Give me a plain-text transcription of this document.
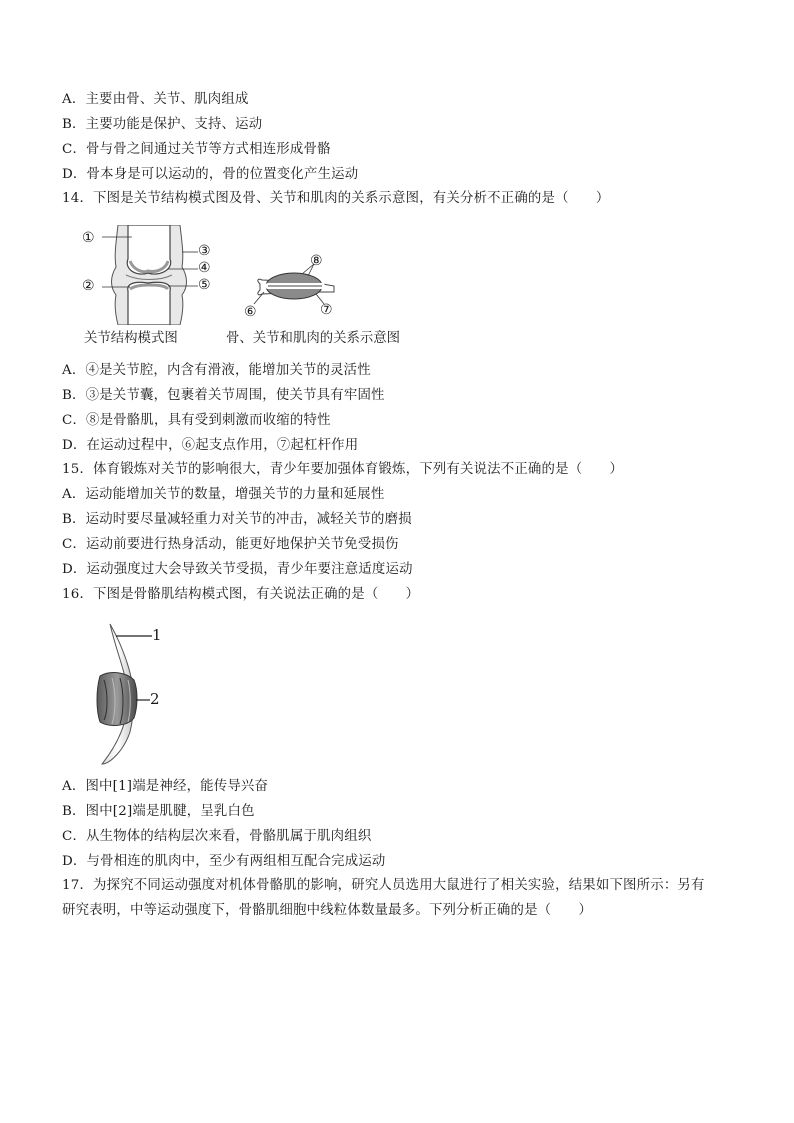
A．主要由骨、关节、肌肉组成
B．主要功能是保护、支持、运动
C．骨与骨之间通过关节等方式相连形成骨骼
D．骨本身是可以运动的，骨的位置变化产生运动
14．下图是关节结构模式图及骨、关节和肌肉的关系示意图，有关分析不正确的是（　　）
①
②
③
④
⑤
关节结构模式图
⑧
⑥	⑦
骨、关节和肌肉的关系示意图
A．④是关节腔，内含有滑液，能增加关节的灵活性
B．③是关节囊，包裹着关节周围，使关节具有牢固性
C．⑧是骨骼肌，具有受到刺激而收缩的特性
D．在运动过程中，⑥起支点作用，⑦起杠杆作用
15．体育锻炼对关节的影响很大，青少年要加强体育锻炼，下列有关说法不正确的是（　　）
A．运动能增加关节的数量，增强关节的力量和延展性
B．运动时要尽量减轻重力对关节的冲击，减轻关节的磨损
C．运动前要进行热身活动，能更好地保护关节免受损伤
D．运动强度过大会导致关节受损，青少年要注意适度运动
16．下图是骨骼肌结构模式图，有关说法正确的是（　　）
1
2
A．图中[1]端是神经，能传导兴奋
B．图中[2]端是肌腱，呈乳白色
C．从生物体的结构层次来看，骨骼肌属于肌肉组织
D．与骨相连的肌肉中，至少有两组相互配合完成运动
17．为探究不同运动强度对机体骨骼肌的影响，研究人员选用大鼠进行了相关实验，结果如下图所示：另有
研究表明，中等运动强度下，骨骼肌细胞中线粒体数量最多。下列分析正确的是（　　）
